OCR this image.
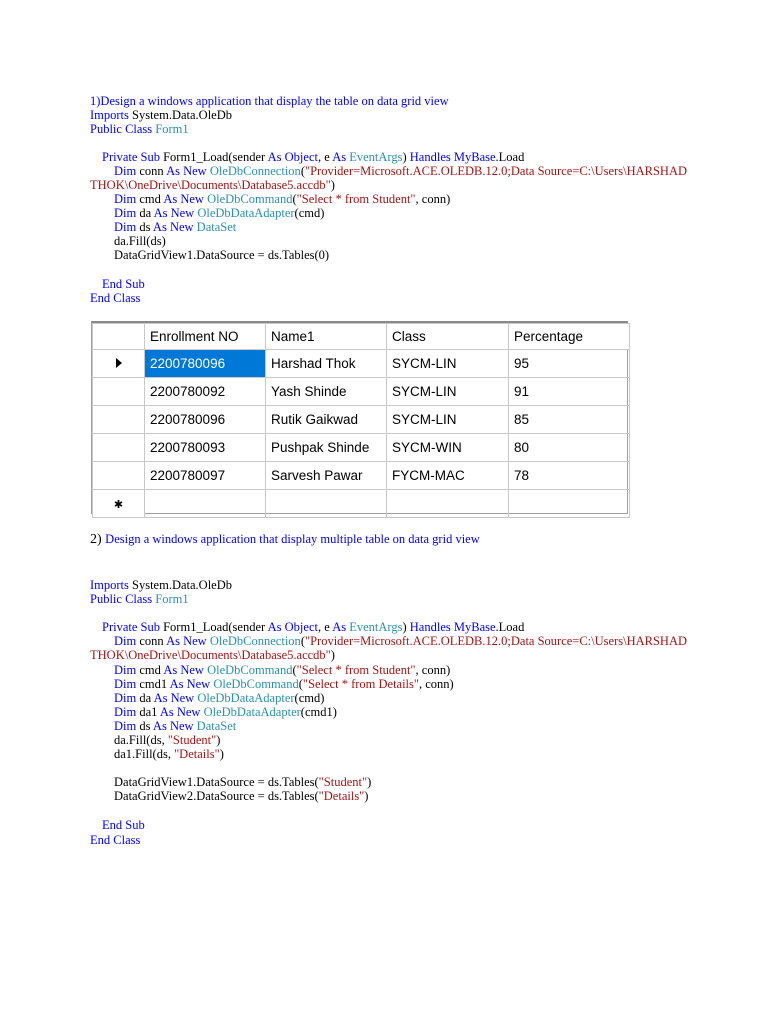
1)Design a windows application that display the table on data grid view
Imports System.Data.OleDb
Public Class Form1
Private Sub Form1_Load(sender As Object, e As EventArgs) Handles MyBase.Load
Dim conn As New OleDbConnection("Provider=Microsoft.ACE.OLEDB.12.0;Data Source=C:\Users\HARSHAD
THOK\OneDrive\Documents\Database5.accdb")
Dim cmd As New OleDbCommand("Select * from Student", conn)
Dim da As New OleDbDataAdapter(cmd)
Dim ds As New DataSet
da.Fill(ds)
DataGridView1.DataSource = ds.Tables(0)
End Sub
End Class
	Enrollment NO	Name1	Class	Percentage
	2200780096	Harshad Thok	SYCM-LIN	95
	2200780092	Yash Shinde	SYCM-LIN	91
	2200780096	Rutik Gaikwad	SYCM-LIN	85
	2200780093	Pushpak Shinde	SYCM-WIN	80
	2200780097	Sarvesh Pawar	FYCM-MAC	78
✱				
2) Design a windows application that display multiple table on data grid view
Imports System.Data.OleDb
Public Class Form1
Private Sub Form1_Load(sender As Object, e As EventArgs) Handles MyBase.Load
Dim conn As New OleDbConnection("Provider=Microsoft.ACE.OLEDB.12.0;Data Source=C:\Users\HARSHAD
THOK\OneDrive\Documents\Database5.accdb")
Dim cmd As New OleDbCommand("Select * from Student", conn)
Dim cmd1 As New OleDbCommand("Select * from Details", conn)
Dim da As New OleDbDataAdapter(cmd)
Dim da1 As New OleDbDataAdapter(cmd1)
Dim ds As New DataSet
da.Fill(ds, "Student")
da1.Fill(ds, "Details")
DataGridView1.DataSource = ds.Tables("Student")
DataGridView2.DataSource = ds.Tables("Details")
End Sub
End Class
